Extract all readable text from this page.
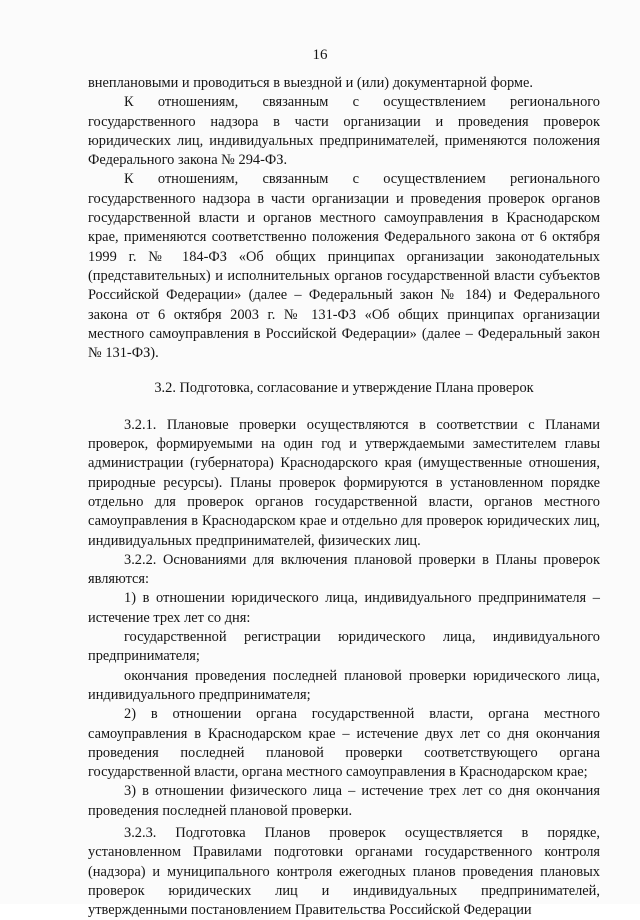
16

внеплановыми и проводиться в выездной и (или) документарной форме.

К отношениям, связанным с осуществлением регионального государственного надзора в части организации и проведения проверок юридических лиц, индивидуальных предпринимателей, применяются положения Федерального закона № 294-ФЗ.

К отношениям, связанным с осуществлением регионального государственного надзора в части организации и проведения проверок органов государственной власти и органов местного самоуправления в Краснодарском крае, применяются соответственно положения Федерального закона от 6 октября 1999 г. № 184-ФЗ «Об общих принципах организации законодательных (представительных) и исполнительных органов государственной власти субъектов Российской Федерации» (далее – Федеральный закон № 184) и Федерального закона от 6 октября 2003 г. № 131-ФЗ «Об общих принципах организации местного самоуправления в Российской Федерации» (далее – Федеральный закон № 131-ФЗ).

3.2. Подготовка, согласование и утверждение Плана проверок

3.2.1. Плановые проверки осуществляются в соответствии с Планами проверок, формируемыми на один год и утверждаемыми заместителем главы администрации (губернатора) Краснодарского края (имущественные отношения, природные ресурсы). Планы проверок формируются в установленном порядке отдельно для проверок органов государственной власти, органов местного самоуправления в Краснодарском крае и отдельно для проверок юридических лиц, индивидуальных предпринимателей, физических лиц.

3.2.2. Основаниями для включения плановой проверки в Планы проверок являются:

1) в отношении юридического лица, индивидуального предпринимателя – истечение трех лет со дня:

государственной регистрации юридического лица, индивидуального предпринимателя;

окончания проведения последней плановой проверки юридического лица, индивидуального предпринимателя;

2) в отношении органа государственной власти, органа местного самоуправления в Краснодарском крае – истечение двух лет со дня окончания проведения последней плановой проверки соответствующего органа государственной власти, органа местного самоуправления в Краснодарском крае;

3) в отношении физического лица – истечение трех лет со дня окончания проведения последней плановой проверки.

3.2.3. Подготовка Планов проверок осуществляется в порядке, установленном Правилами подготовки органами государственного контроля (надзора) и муниципального контроля ежегодных планов проведения плановых проверок юридических лиц и индивидуальных предпринимателей, утвержденными постановлением Правительства Российской Федерации
